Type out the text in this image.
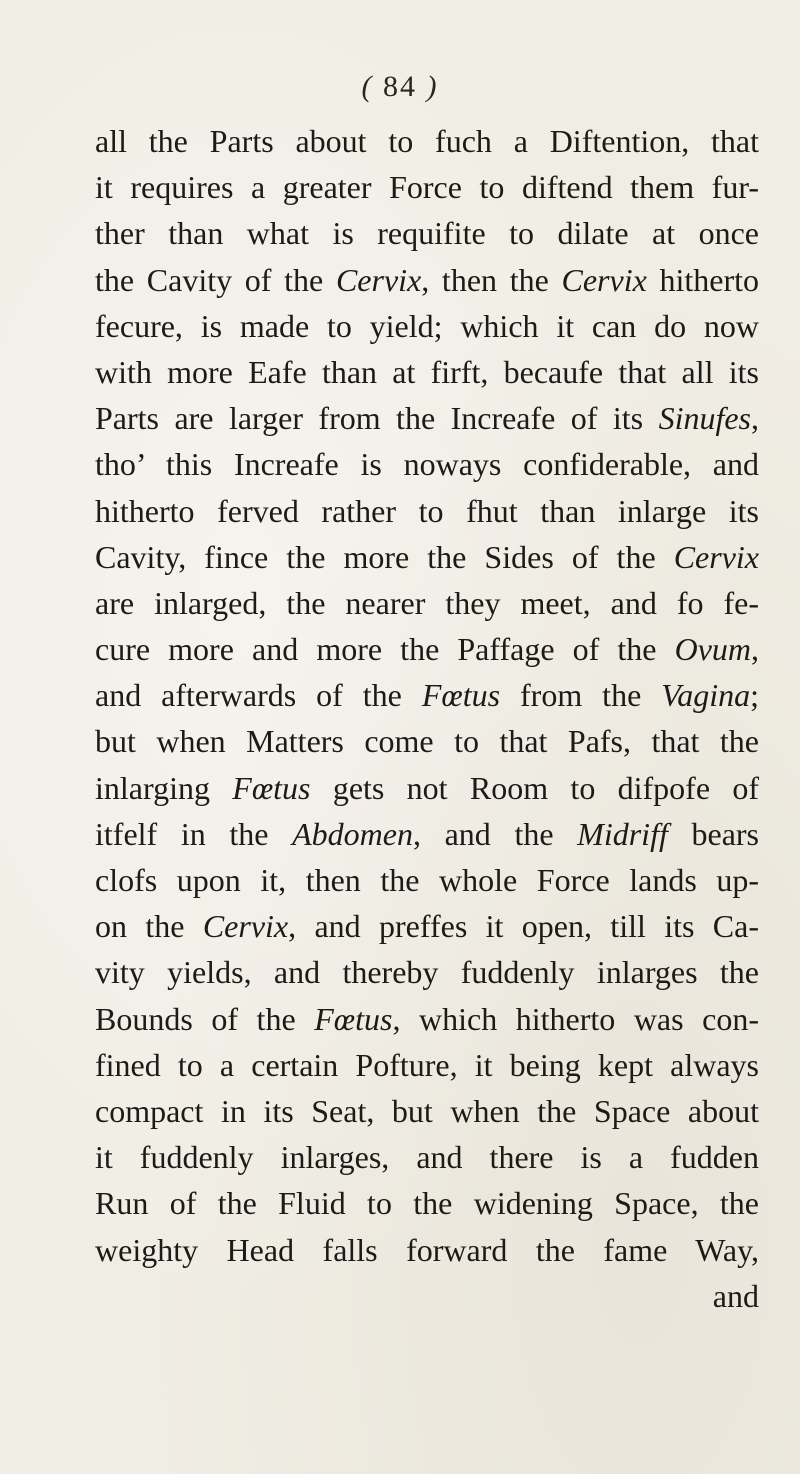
( 84 )
all the Parts about to fuch a Diftention, that
it requires a greater Force to diftend them fur-
ther than what is requifite to dilate at once
the Cavity of the Cervix, then the Cervix hitherto
fecure, is made to yield; which it can do now
with more Eafe than at firft, becaufe that all its
Parts are larger from the Increafe of its Sinufes,
tho’ this Increafe is noways confiderable, and
hitherto ferved rather to fhut than inlarge its
Cavity, fince the more the Sides of the Cervix
are inlarged, the nearer they meet, and fo fe-
cure more and more the Paffage of the Ovum,
and afterwards of the Fœtus from the Vagina;
but when Matters come to that Pafs, that the
inlarging Fœtus gets not Room to difpofe of
itfelf in the Abdomen, and the Midriff bears
clofs upon it, then the whole Force lands up-
on the Cervix, and preffes it open, till its Ca-
vity yields, and thereby fuddenly inlarges the
Bounds of the Fœtus, which hitherto was con-
fined to a certain Pofture, it being kept always
compact in its Seat, but when the Space about
it fuddenly inlarges, and there is a fudden
Run of the Fluid to the widening Space, the
weighty Head falls forward the fame Way,
and
